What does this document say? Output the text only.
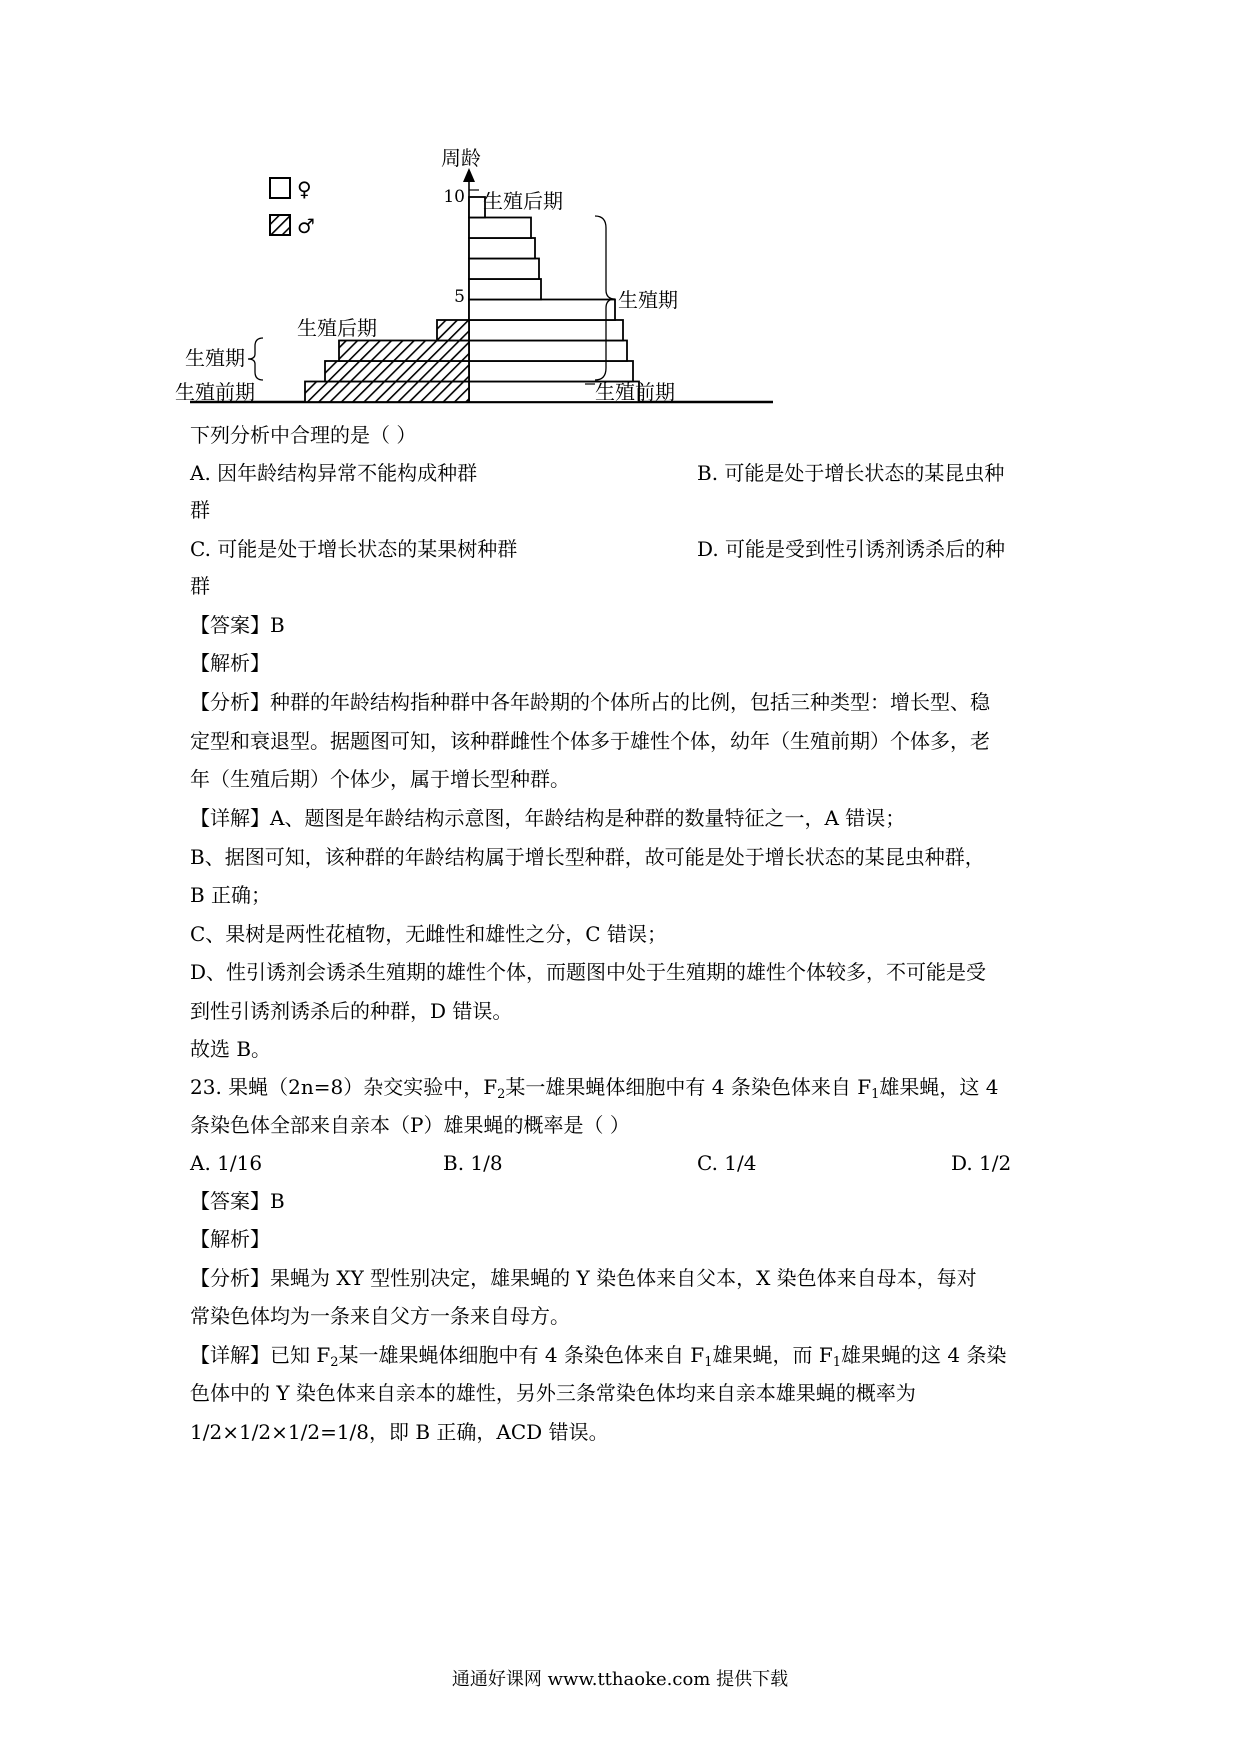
周龄
10
5
♀
♂
生殖后期
生殖期
生殖前期
生殖后期
生殖期
生殖前期
下列分析中合理的是（ ）
A. 因年龄结构异常不能构成种群	B. 可能是处于增长状态的某昆虫种
群
C. 可能是处于增长状态的某果树种群	D. 可能是受到性引诱剂诱杀后的种
群
【答案】B
【解析】
【分析】种群的年龄结构指种群中各年龄期的个体所占的比例，包括三种类型：增长型、稳
定型和衰退型。据题图可知，该种群雌性个体多于雄性个体，幼年（生殖前期）个体多，老
年（生殖后期）个体少，属于增长型种群。
【详解】A、题图是年龄结构示意图，年龄结构是种群的数量特征之一，A 错误；
B、据图可知，该种群的年龄结构属于增长型种群，故可能是处于增长状态的某昆虫种群，
B 正确；
C、果树是两性花植物，无雌性和雄性之分，C 错误；
D、性引诱剂会诱杀生殖期的雄性个体，而题图中处于生殖期的雄性个体较多，不可能是受
到性引诱剂诱杀后的种群，D 错误。
故选 B。
23. 果蝇（2n=8）杂交实验中，$F_2$某一雄果蝇体细胞中有 4 条染色体来自 $F_1$雄果蝇，这 4
条染色体全部来自亲本（P）雄果蝇的概率是（ ）
A. 1/16	B. 1/8	C. 1/4	D. 1/2
【答案】B
【解析】
【分析】果蝇为 XY 型性别决定，雄果蝇的 Y 染色体来自父本，X 染色体来自母本，每对
常染色体均为一条来自父方一条来自母方。
【详解】已知 $F_2$某一雄果蝇体细胞中有 4 条染色体来自 $F_1$雄果蝇，而 $F_1$雄果蝇的这 4 条染
色体中的 Y 染色体来自亲本的雄性，另外三条常染色体均来自亲本雄果蝇的概率为
1/2×1/2×1/2=1/8，即 B 正确，ACD 错误。
通通好课网 www.tthaoke.com 提供下载
